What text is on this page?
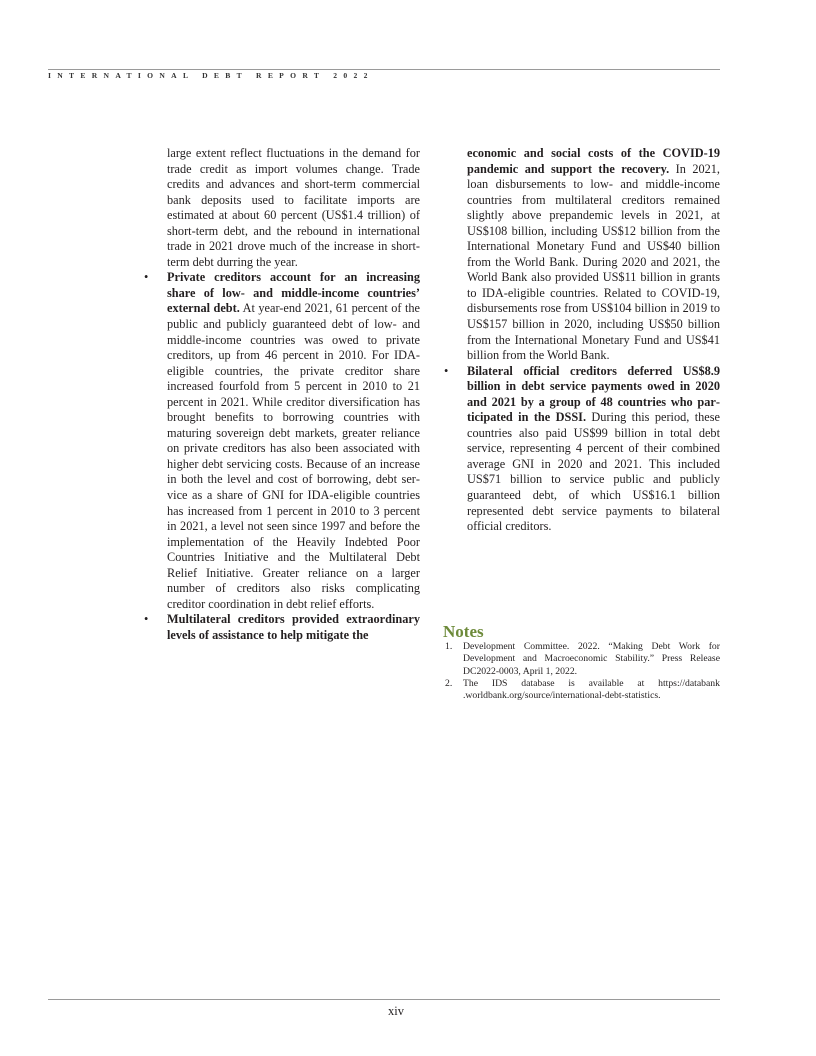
INTERNATIONAL DEBT REPORT 2022

large extent reflect fluctuations in the demand for trade credit as import volumes change. Trade credits and advances and short-term commercial bank deposits used to facilitate imports are estimated at about 60 percent (US$1.4 trillion) of short-term debt, and the rebound in international trade in 2021 drove much of the increase in short-term debt durring the year.

• Private creditors account for an increasing share of low- and middle-income countries’ external debt. At year-end 2021, 61 percent of the public and publicly guaranteed debt of low- and middle-income countries was owed to private creditors, up from 46 percent in 2010. For IDA-eligible countries, the private creditor share increased fourfold from 5 percent in 2010 to 21 percent in 2021. While creditor diversification has brought benefits to borrowing countries with maturing sovereign debt markets, greater reliance on private creditors has also been associated with higher debt servicing costs. Because of an increase in both the level and cost of borrowing, debt service as a share of GNI for IDA-eligible countries has increased from 1 percent in 2010 to 3 percent in 2021, a level not seen since 1997 and before the implementation of the Heavily Indebted Poor Countries Initiative and the Multilateral Debt Relief Initiative. Greater reliance on a larger number of creditors also risks complicating creditor coordination in debt relief efforts.

• Multilateral creditors provided extraordinary levels of assistance to help mitigate the

economic and social costs of the COVID-19 pandemic and support the recovery. In 2021, loan disbursements to low- and middle-income countries from multilateral creditors remained slightly above prepandemic levels in 2021, at US$108 billion, including US$12 billion from the International Monetary Fund and US$40 billion from the World Bank. During 2020 and 2021, the World Bank also provided US$11 billion in grants to IDA-eligible countries. Related to COVID-19, disbursements rose from US$104 billion in 2019 to US$157 billion in 2020, including US$50 billion from the International Monetary Fund and US$41 billion from the World Bank.

• Bilateral official creditors deferred US$8.9 billion in debt service payments owed in 2020 and 2021 by a group of 48 countries who participated in the DSSI. During this period, these countries also paid US$99 billion in total debt service, representing 4 percent of their combined average GNI in 2020 and 2021. This included US$71 billion to service public and publicly guaranteed debt, of which US$16.1 billion represented debt service payments to bilateral official creditors.

Notes

1. Development Committee. 2022. “Making Debt Work for Development and Macroeconomic Stability.” Press Release DC2022-0003, April 1, 2022.

2. The IDS database is available at https://databank .worldbank.org/source/international-debt-statistics.

xiv
